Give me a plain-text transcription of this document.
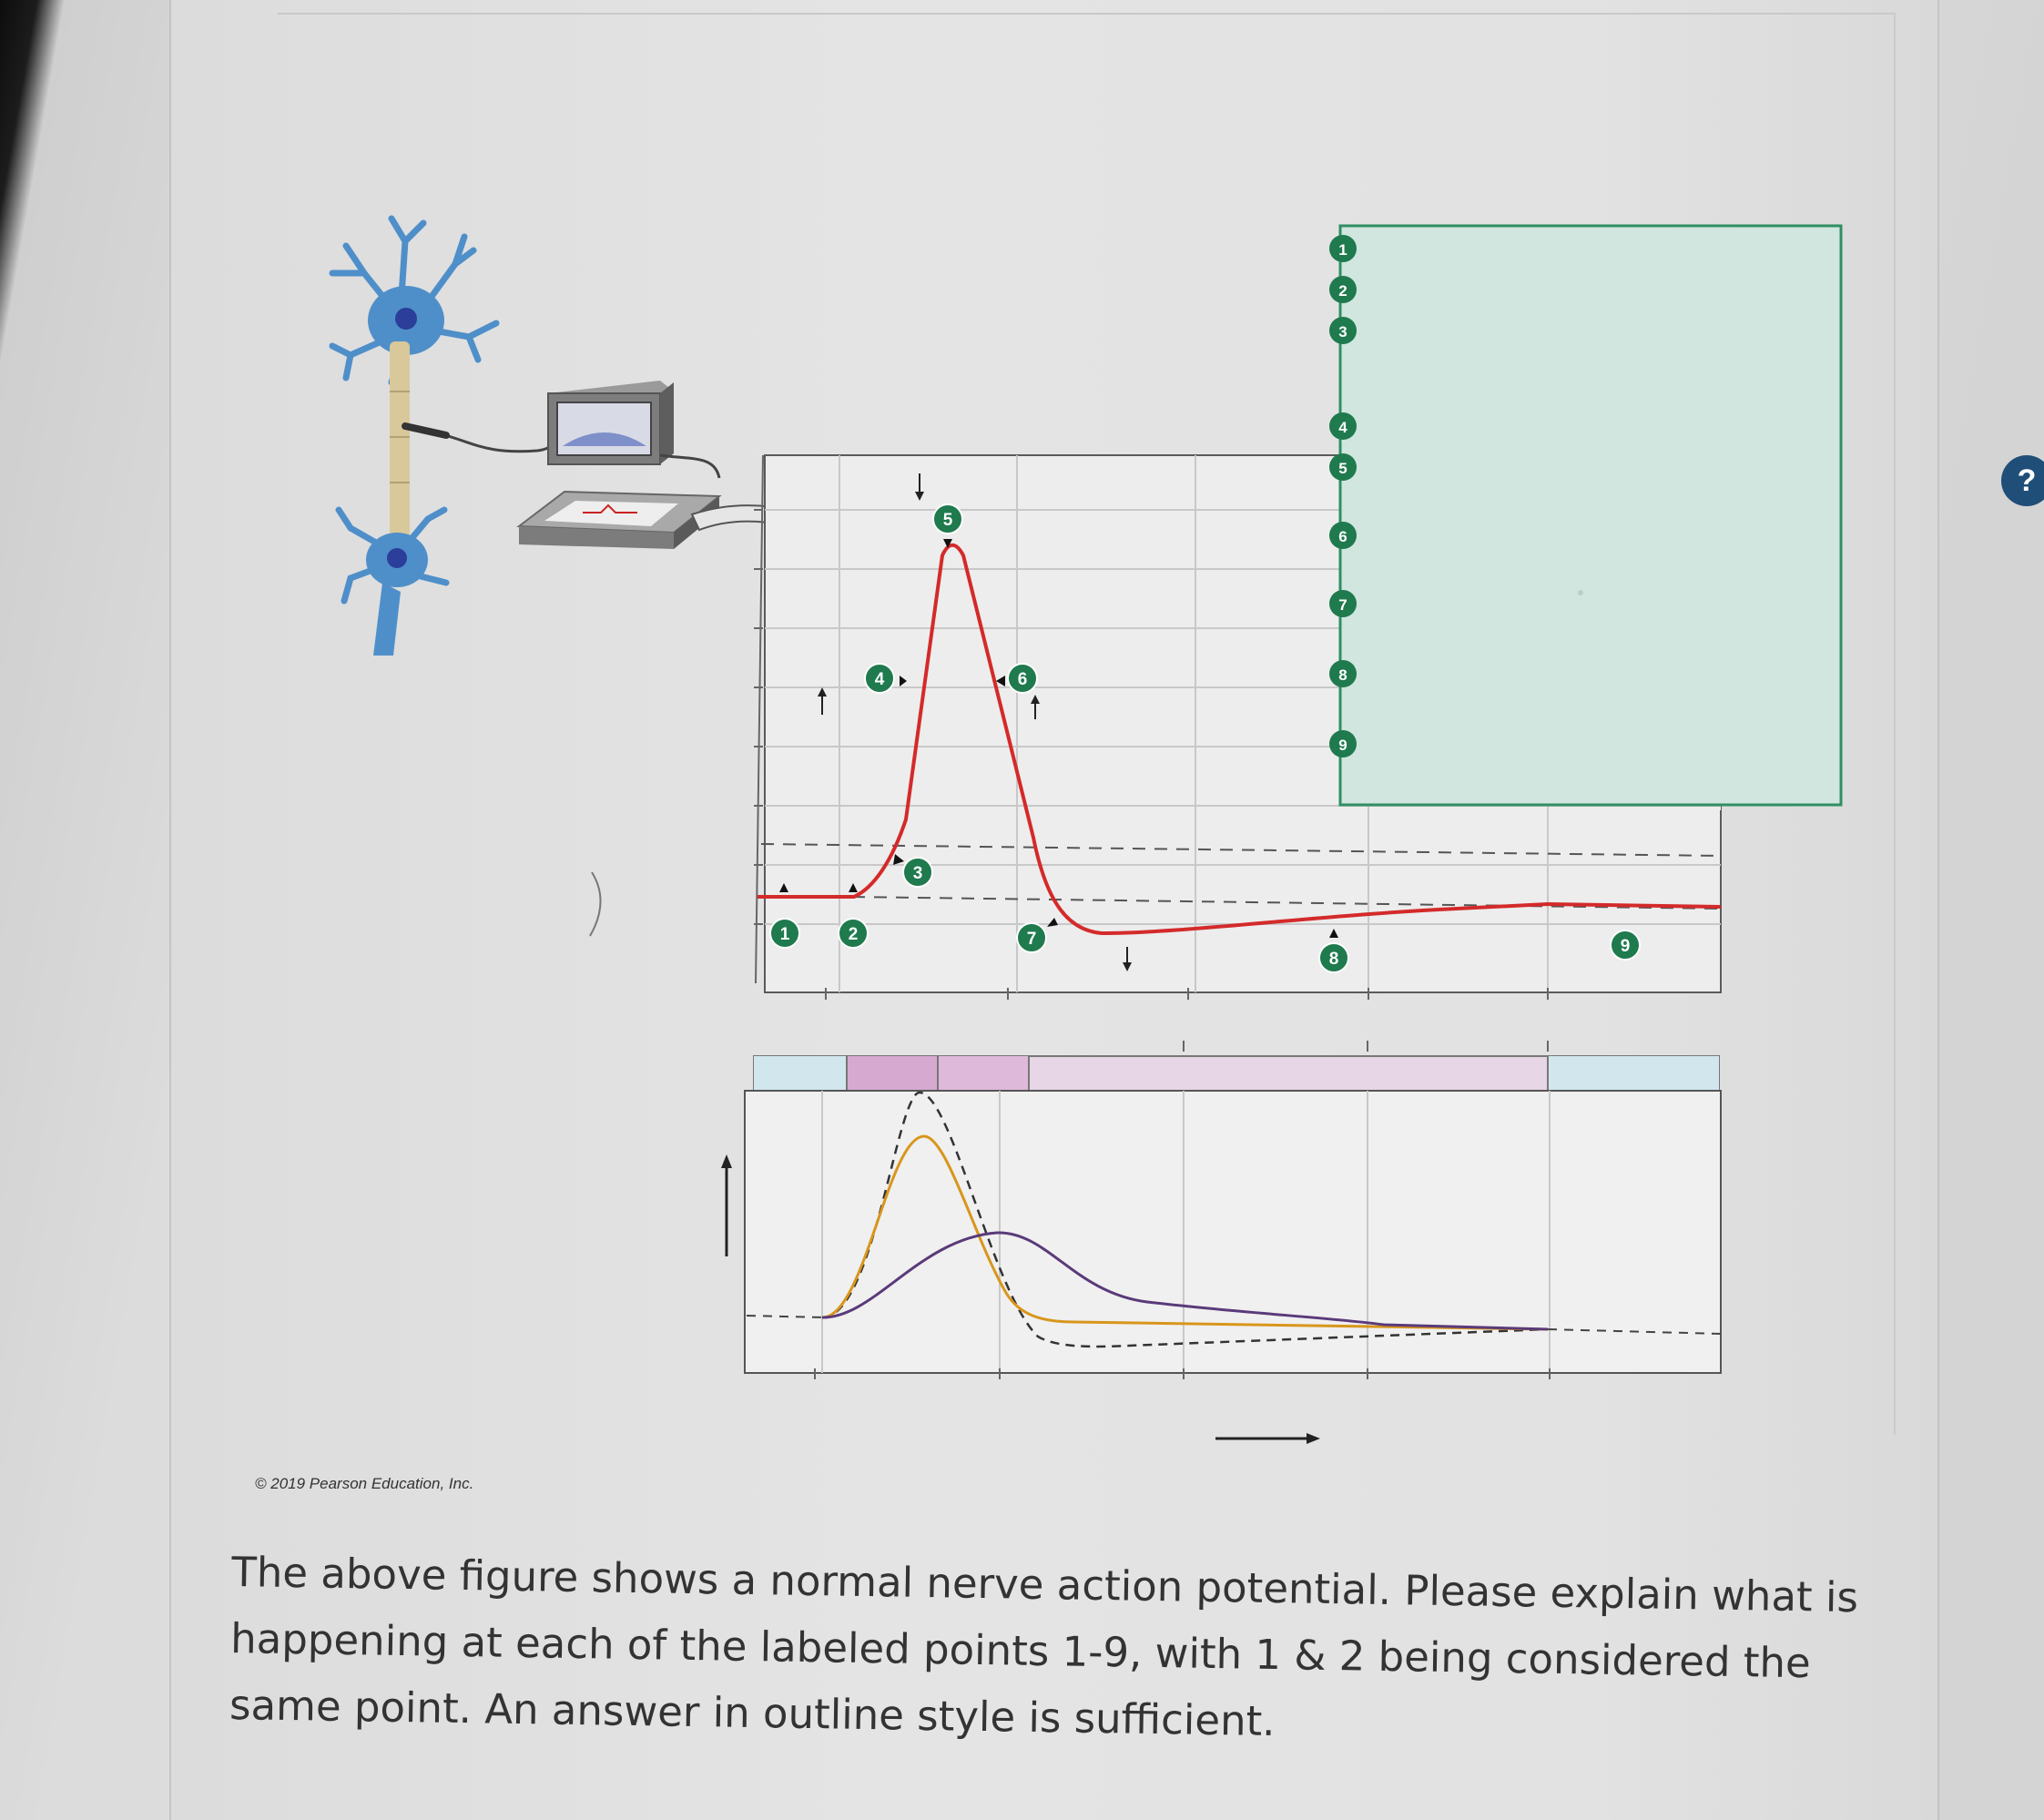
1	2
3
4
5
6
7
8
9
1
2
3
4
5
6
7
8
9
© 2019 Pearson Education, Inc.
The above figure shows a normal nerve action potential. Please explain what is happening at each of the labeled points 1-9, with 1 & 2 being considered the same point. An answer in outline style is sufficient.
?
